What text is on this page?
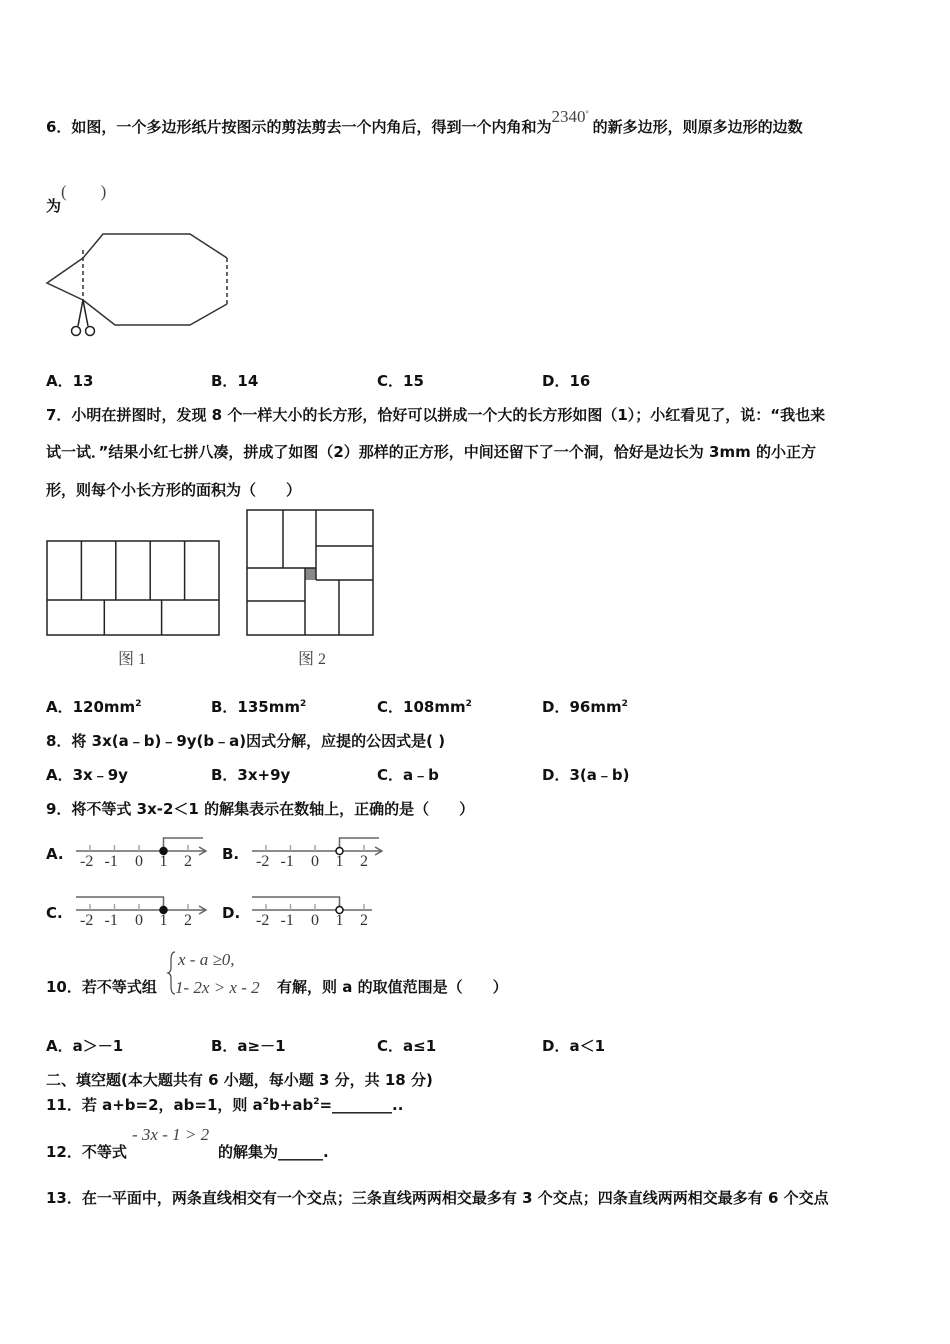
6．如图，一个多边形纸片按图示的剪法剪去一个内角后，得到一个内角和为2340°的新多边形，则原多边形的边数
为(　　)
A．13	B．14	C．15	D．16
7．小明在拼图时，发现 8 个一样大小的长方形，恰好可以拼成一个大的长方形如图（1）；小红看见了，说：“我也来
试一试．”结果小红七拼八凑，拼成了如图（2）那样的正方形，中间还留下了一个洞，恰好是边长为 3mm 的小正方
形，则每个小长方形的面积为（　　）
图 1	图 2
A．$120mm^2$	B．$135mm^2$	C．$108mm^2$	D．$96mm^2$
8．将 3x(a﹣b)﹣9y(b﹣a)因式分解，应提的公因式是( )
A．3x﹣9y	B．3x+9y	C．a﹣b	D．3(a﹣b)
9．将不等式 3x-2＜1 的解集表示在数轴上，正确的是（　　）
A.	B.
C.	D.
-2 -1 0 1 2	-2 -1 0 1 2
-2 -1 0 1 2	-2 -1 0 1 2
10．若不等式组
x - a ≥0,
1- 2x > x - 2 有解，则 a 的取值范围是（　　）
A．a＞－1	B．a≥－1	C．a≤1	D．a＜1
二、填空题(本大题共有 6 小题，每小题 3 分，共 18 分)
11．若 a+b=2，ab=1，则 $a^2b+ab^2=\_\_\_\_\_\_\_\_$..
12．不等式
- 3x - 1 > 2
的解集为______.
13．在一平面中，两条直线相交有一个交点；三条直线两两相交最多有 3 个交点；四条直线两两相交最多有 6 个交点
